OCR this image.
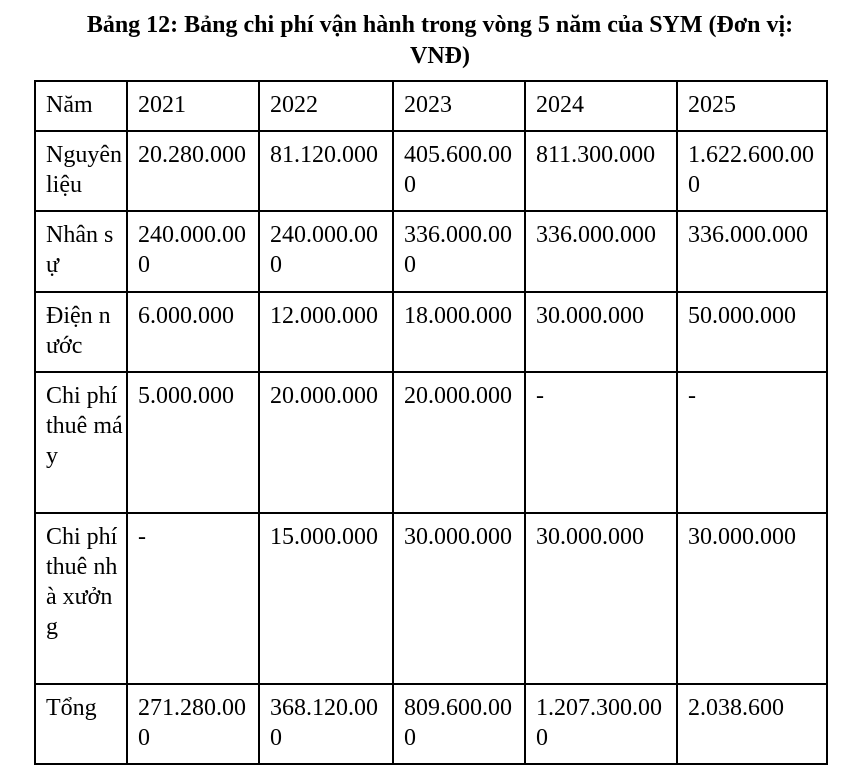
Bảng 12: Bảng chi phí vận hành trong vòng 5 năm của SYM (Đơn vị:
VNĐ)
Năm	2021	2022	2023	2024	2025
Nguyên liệu	20.280.000	81.120.000	405.600.000	811.300.000	1.622.600.000
Nhân sự	240.000.000	240.000.000	336.000.000	336.000.000	336.000.000
Điện nước	6.000.000	12.000.000	18.000.000	30.000.000	50.000.000
Chi phí thuê máy	5.000.000	20.000.000	20.000.000	-	-
Chi phí thuê nhà xưởng	-	15.000.000	30.000.000	30.000.000	30.000.000
Tổng	271.280.000	368.120.000	809.600.000	1.207.300.000	2.038.600
